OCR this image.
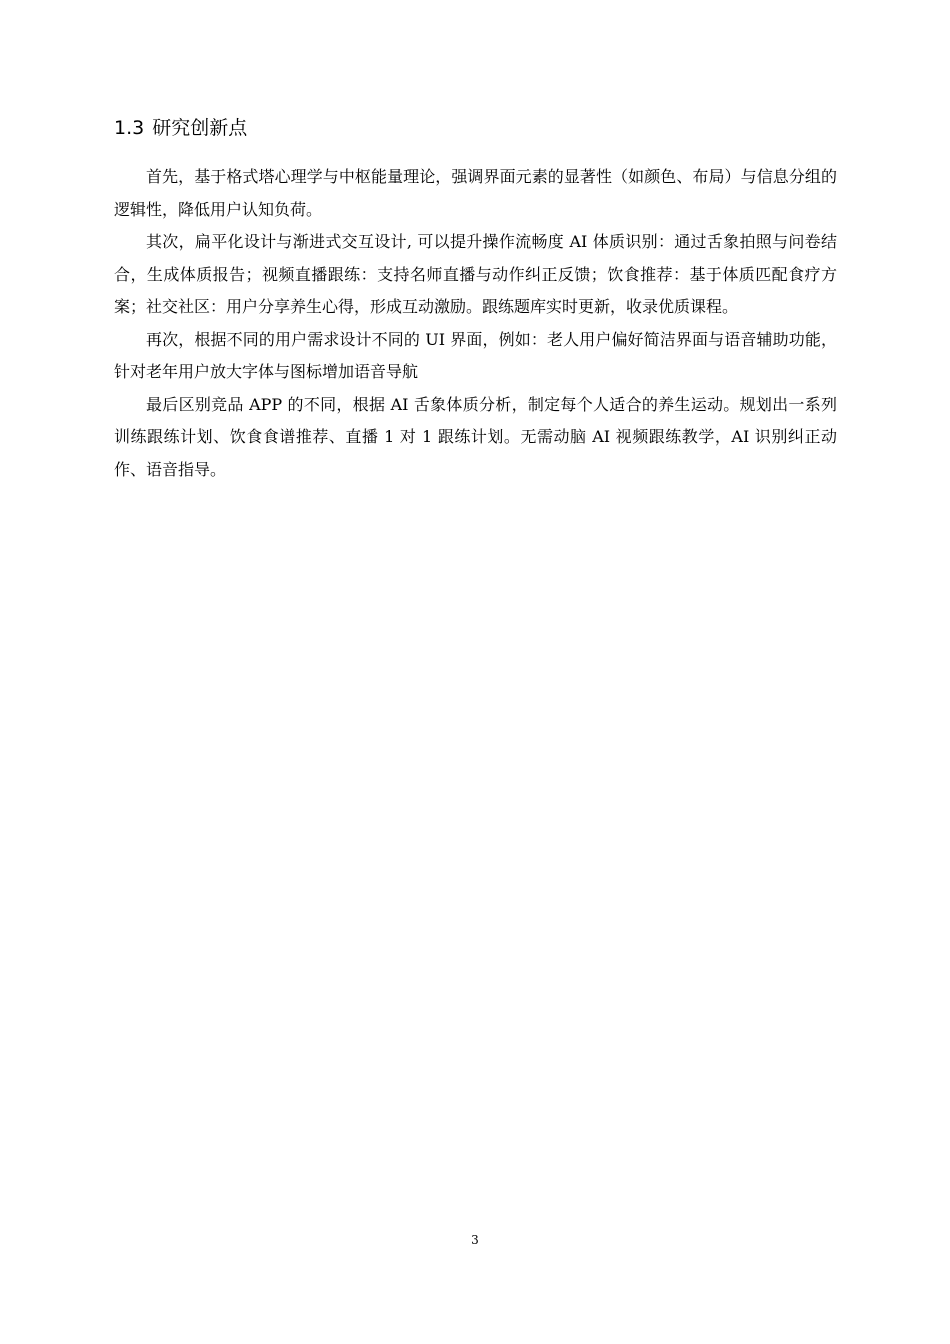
1.3 研究创新点

首先，基于格式塔心理学与中枢能量理论，强调界面元素的显著性（如颜色、布局）与信息分组的逻辑性，降低用户认知负荷。

其次，扁平化设计与渐进式交互设计, 可以提升操作流畅度 AI 体质识别：通过舌象拍照与问卷结合，生成体质报告；视频直播跟练：支持名师直播与动作纠正反馈；饮食推荐：基于体质匹配食疗方案；社交社区：用户分享养生心得，形成互动激励。跟练题库实时更新，收录优质课程。

再次，根据不同的用户需求设计不同的 UI 界面，例如：老人用户偏好简洁界面与语音辅助功能，针对老年用户放大字体与图标增加语音导航

最后区别竞品 APP 的不同，根据 AI 舌象体质分析，制定每个人适合的养生运动。规划出一系列训练跟练计划、饮食食谱推荐、直播 1 对 1 跟练计划。无需动脑 AI 视频跟练教学，AI 识别纠正动作、语音指导。

3
